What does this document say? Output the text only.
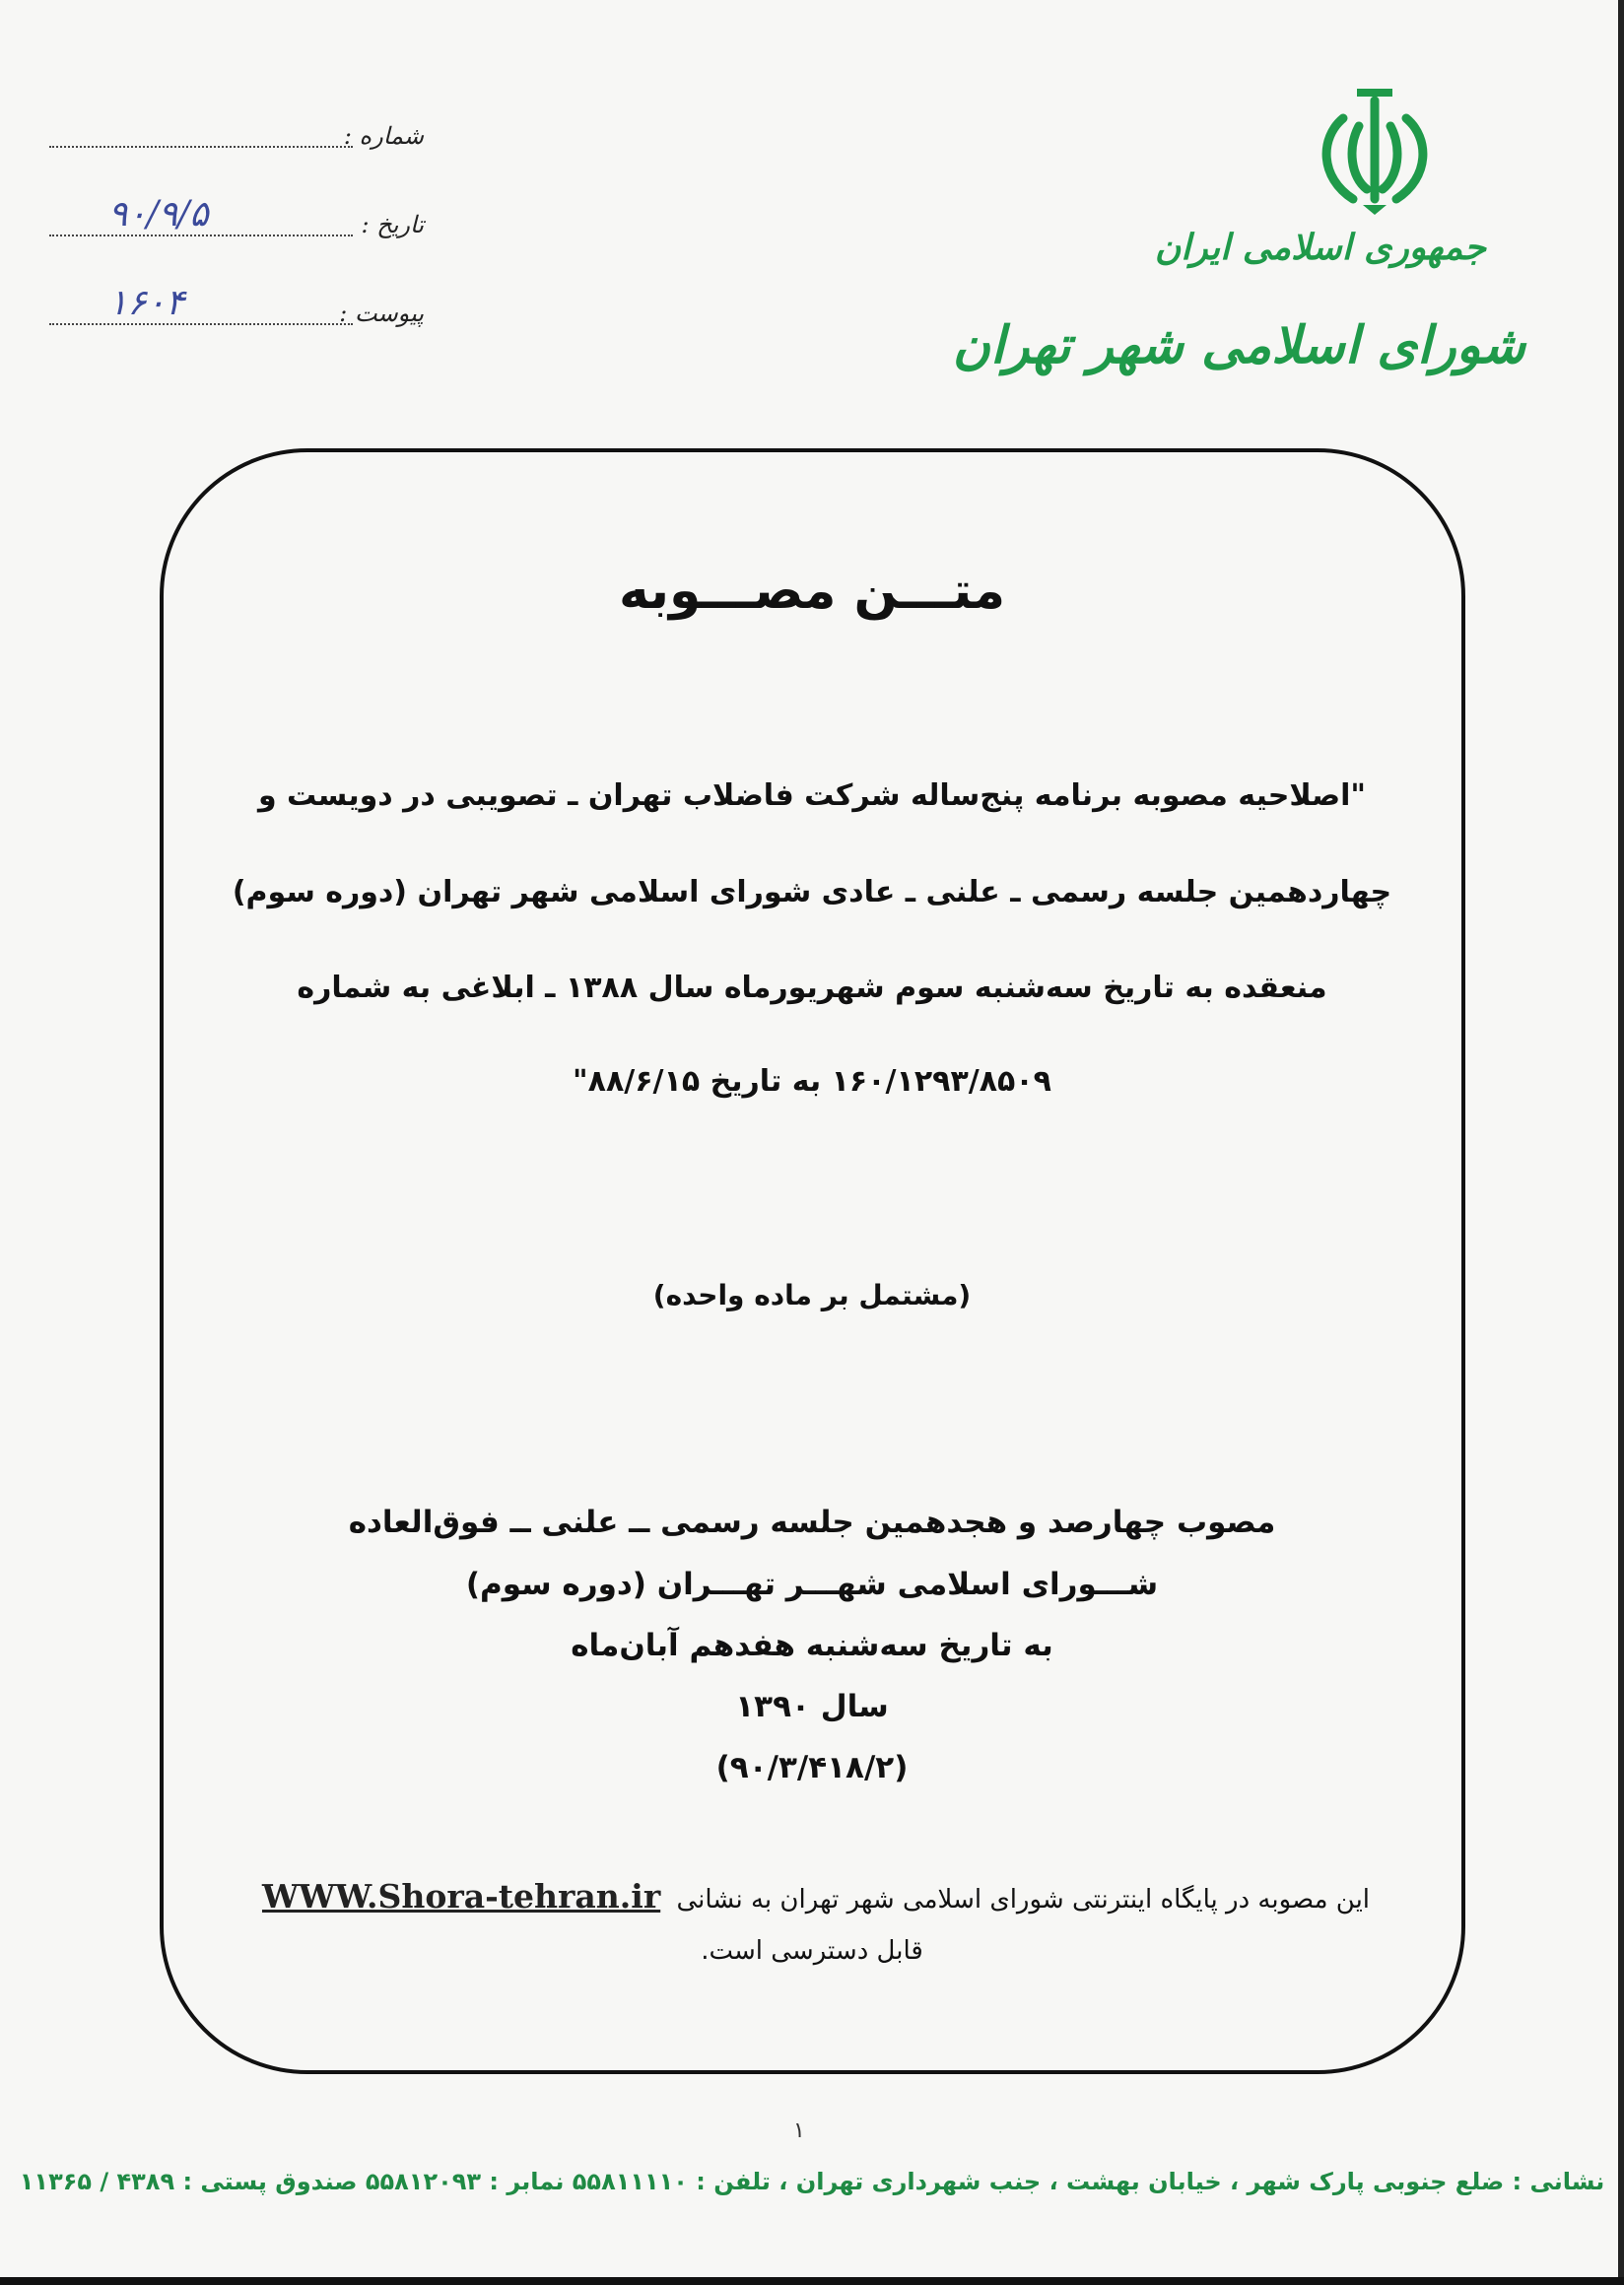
شماره :
تاریخ :
۹۰/۹/۵
پیوست :
۱۶۰۴
جمهوری اسلامی ایران
شورای اسلامی شهر تهران
متـــن مصـــوبه
"اصلاحیه مصوبه برنامه پنج‌ساله شرکت فاضلاب تهران ـ تصویبی در دویست و
چهاردهمین جلسه رسمی ـ علنی ـ عادی شورای اسلامی شهر تهران (دوره سوم)
منعقده به تاریخ سه‌شنبه سوم شهریورماه سال ۱۳۸۸ ـ ابلاغی به شماره
۱۶۰/۱۲۹۳/۸۵۰۹ به تاریخ ۸۸/۶/۱۵"
(مشتمل بر ماده واحده)
مصوب چهارصد و هجدهمین جلسه رسمی ــ علنی ــ فوق‌العاده
شـــورای اسلامی شهـــر تهـــران (دوره سوم)
به تاریخ سه‌شنبه هفدهم آبان‌ماه
سال ۱۳۹۰
(۹۰/۳/۴۱۸/۲)
این مصوبه در پایگاه اینترنتی شورای اسلامی شهر تهران به نشانی WWW.Shora-tehran.ir
قابل دسترسی است.
۱
نشانی : ضلع جنوبی پارک شهر ، خیابان بهشت ، جنب شهرداری تهران ، تلفن : ۵۵۸۱۱۱۱۰ نمابر : ۵۵۸۱۲۰۹۳ صندوق پستی : ۴۳۸۹ / ۱۱۳۶۵
